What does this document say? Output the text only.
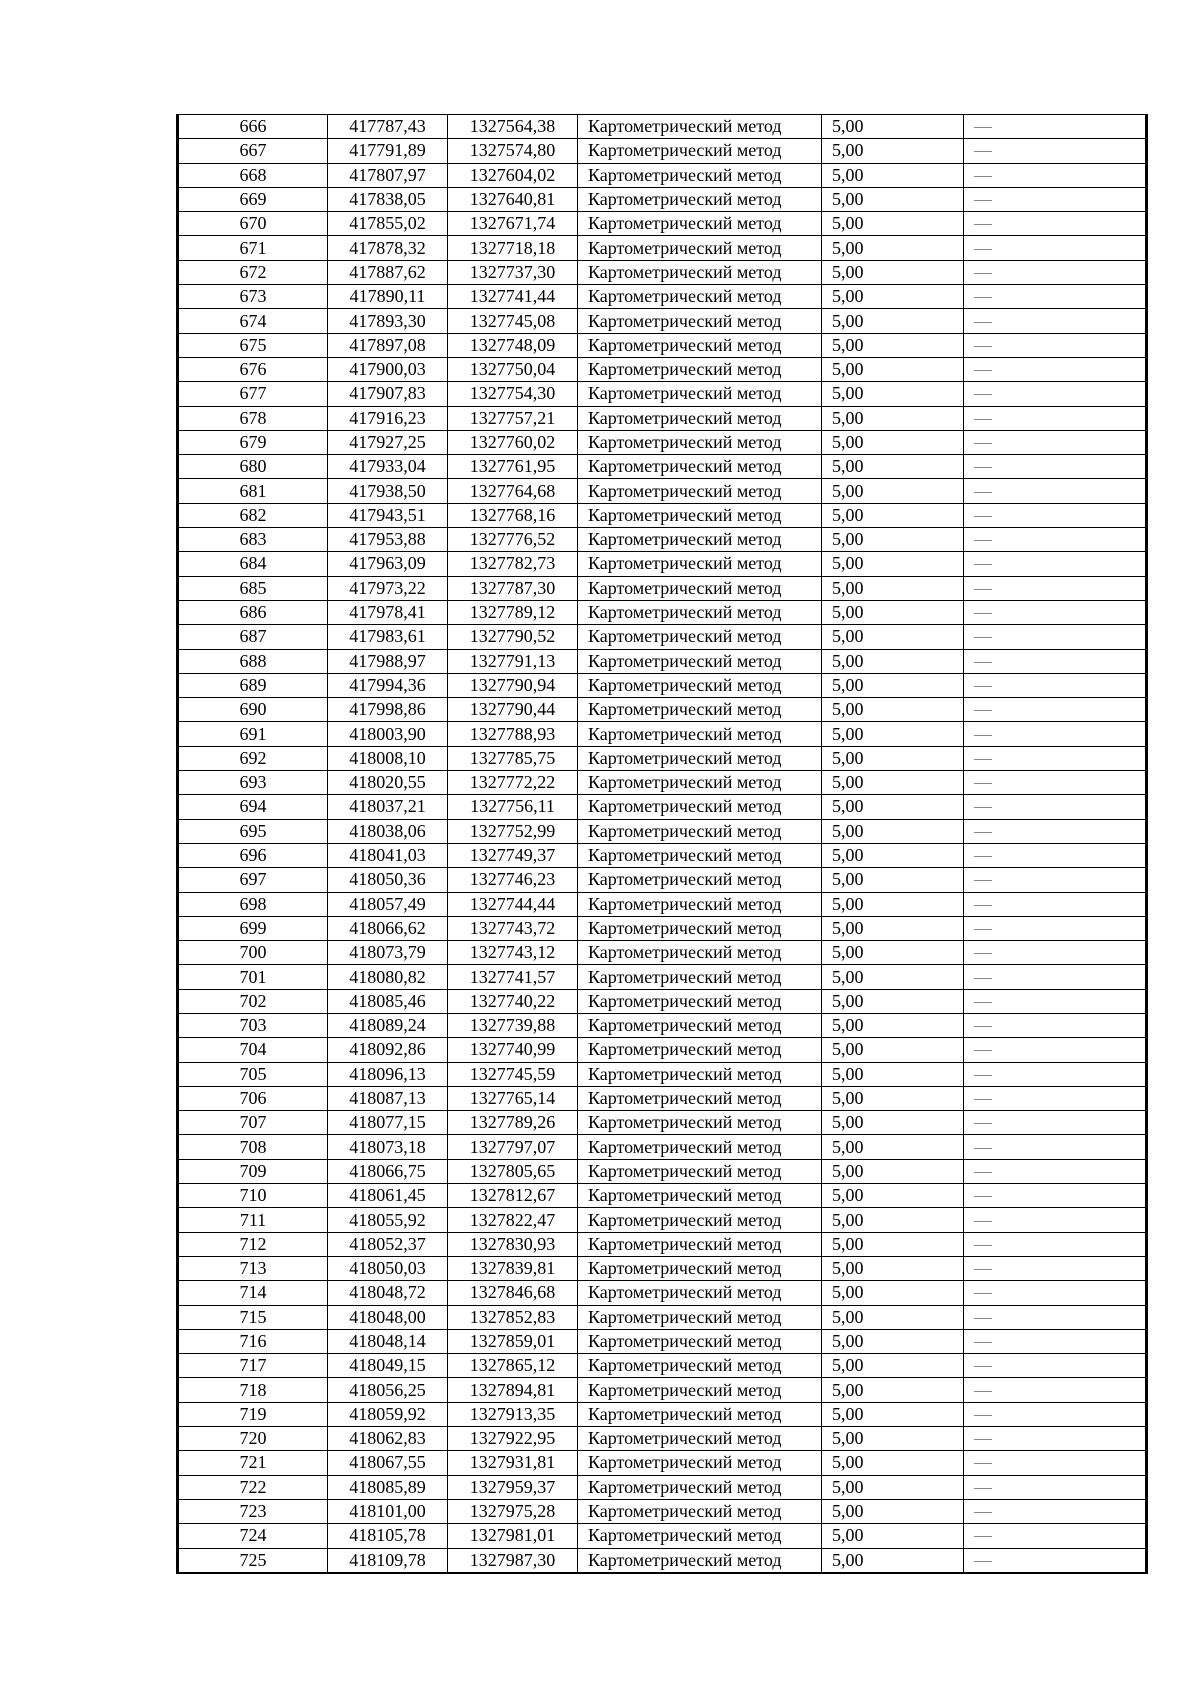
666	417787,43	1327564,38	Картометрический метод	5,00	—
667	417791,89	1327574,80	Картометрический метод	5,00	—
668	417807,97	1327604,02	Картометрический метод	5,00	—
669	417838,05	1327640,81	Картометрический метод	5,00	—
670	417855,02	1327671,74	Картометрический метод	5,00	—
671	417878,32	1327718,18	Картометрический метод	5,00	—
672	417887,62	1327737,30	Картометрический метод	5,00	—
673	417890,11	1327741,44	Картометрический метод	5,00	—
674	417893,30	1327745,08	Картометрический метод	5,00	—
675	417897,08	1327748,09	Картометрический метод	5,00	—
676	417900,03	1327750,04	Картометрический метод	5,00	—
677	417907,83	1327754,30	Картометрический метод	5,00	—
678	417916,23	1327757,21	Картометрический метод	5,00	—
679	417927,25	1327760,02	Картометрический метод	5,00	—
680	417933,04	1327761,95	Картометрический метод	5,00	—
681	417938,50	1327764,68	Картометрический метод	5,00	—
682	417943,51	1327768,16	Картометрический метод	5,00	—
683	417953,88	1327776,52	Картометрический метод	5,00	—
684	417963,09	1327782,73	Картометрический метод	5,00	—
685	417973,22	1327787,30	Картометрический метод	5,00	—
686	417978,41	1327789,12	Картометрический метод	5,00	—
687	417983,61	1327790,52	Картометрический метод	5,00	—
688	417988,97	1327791,13	Картометрический метод	5,00	—
689	417994,36	1327790,94	Картометрический метод	5,00	—
690	417998,86	1327790,44	Картометрический метод	5,00	—
691	418003,90	1327788,93	Картометрический метод	5,00	—
692	418008,10	1327785,75	Картометрический метод	5,00	—
693	418020,55	1327772,22	Картометрический метод	5,00	—
694	418037,21	1327756,11	Картометрический метод	5,00	—
695	418038,06	1327752,99	Картометрический метод	5,00	—
696	418041,03	1327749,37	Картометрический метод	5,00	—
697	418050,36	1327746,23	Картометрический метод	5,00	—
698	418057,49	1327744,44	Картометрический метод	5,00	—
699	418066,62	1327743,72	Картометрический метод	5,00	—
700	418073,79	1327743,12	Картометрический метод	5,00	—
701	418080,82	1327741,57	Картометрический метод	5,00	—
702	418085,46	1327740,22	Картометрический метод	5,00	—
703	418089,24	1327739,88	Картометрический метод	5,00	—
704	418092,86	1327740,99	Картометрический метод	5,00	—
705	418096,13	1327745,59	Картометрический метод	5,00	—
706	418087,13	1327765,14	Картометрический метод	5,00	—
707	418077,15	1327789,26	Картометрический метод	5,00	—
708	418073,18	1327797,07	Картометрический метод	5,00	—
709	418066,75	1327805,65	Картометрический метод	5,00	—
710	418061,45	1327812,67	Картометрический метод	5,00	—
711	418055,92	1327822,47	Картометрический метод	5,00	—
712	418052,37	1327830,93	Картометрический метод	5,00	—
713	418050,03	1327839,81	Картометрический метод	5,00	—
714	418048,72	1327846,68	Картометрический метод	5,00	—
715	418048,00	1327852,83	Картометрический метод	5,00	—
716	418048,14	1327859,01	Картометрический метод	5,00	—
717	418049,15	1327865,12	Картометрический метод	5,00	—
718	418056,25	1327894,81	Картометрический метод	5,00	—
719	418059,92	1327913,35	Картометрический метод	5,00	—
720	418062,83	1327922,95	Картометрический метод	5,00	—
721	418067,55	1327931,81	Картометрический метод	5,00	—
722	418085,89	1327959,37	Картометрический метод	5,00	—
723	418101,00	1327975,28	Картометрический метод	5,00	—
724	418105,78	1327981,01	Картометрический метод	5,00	—
725	418109,78	1327987,30	Картометрический метод	5,00	—
